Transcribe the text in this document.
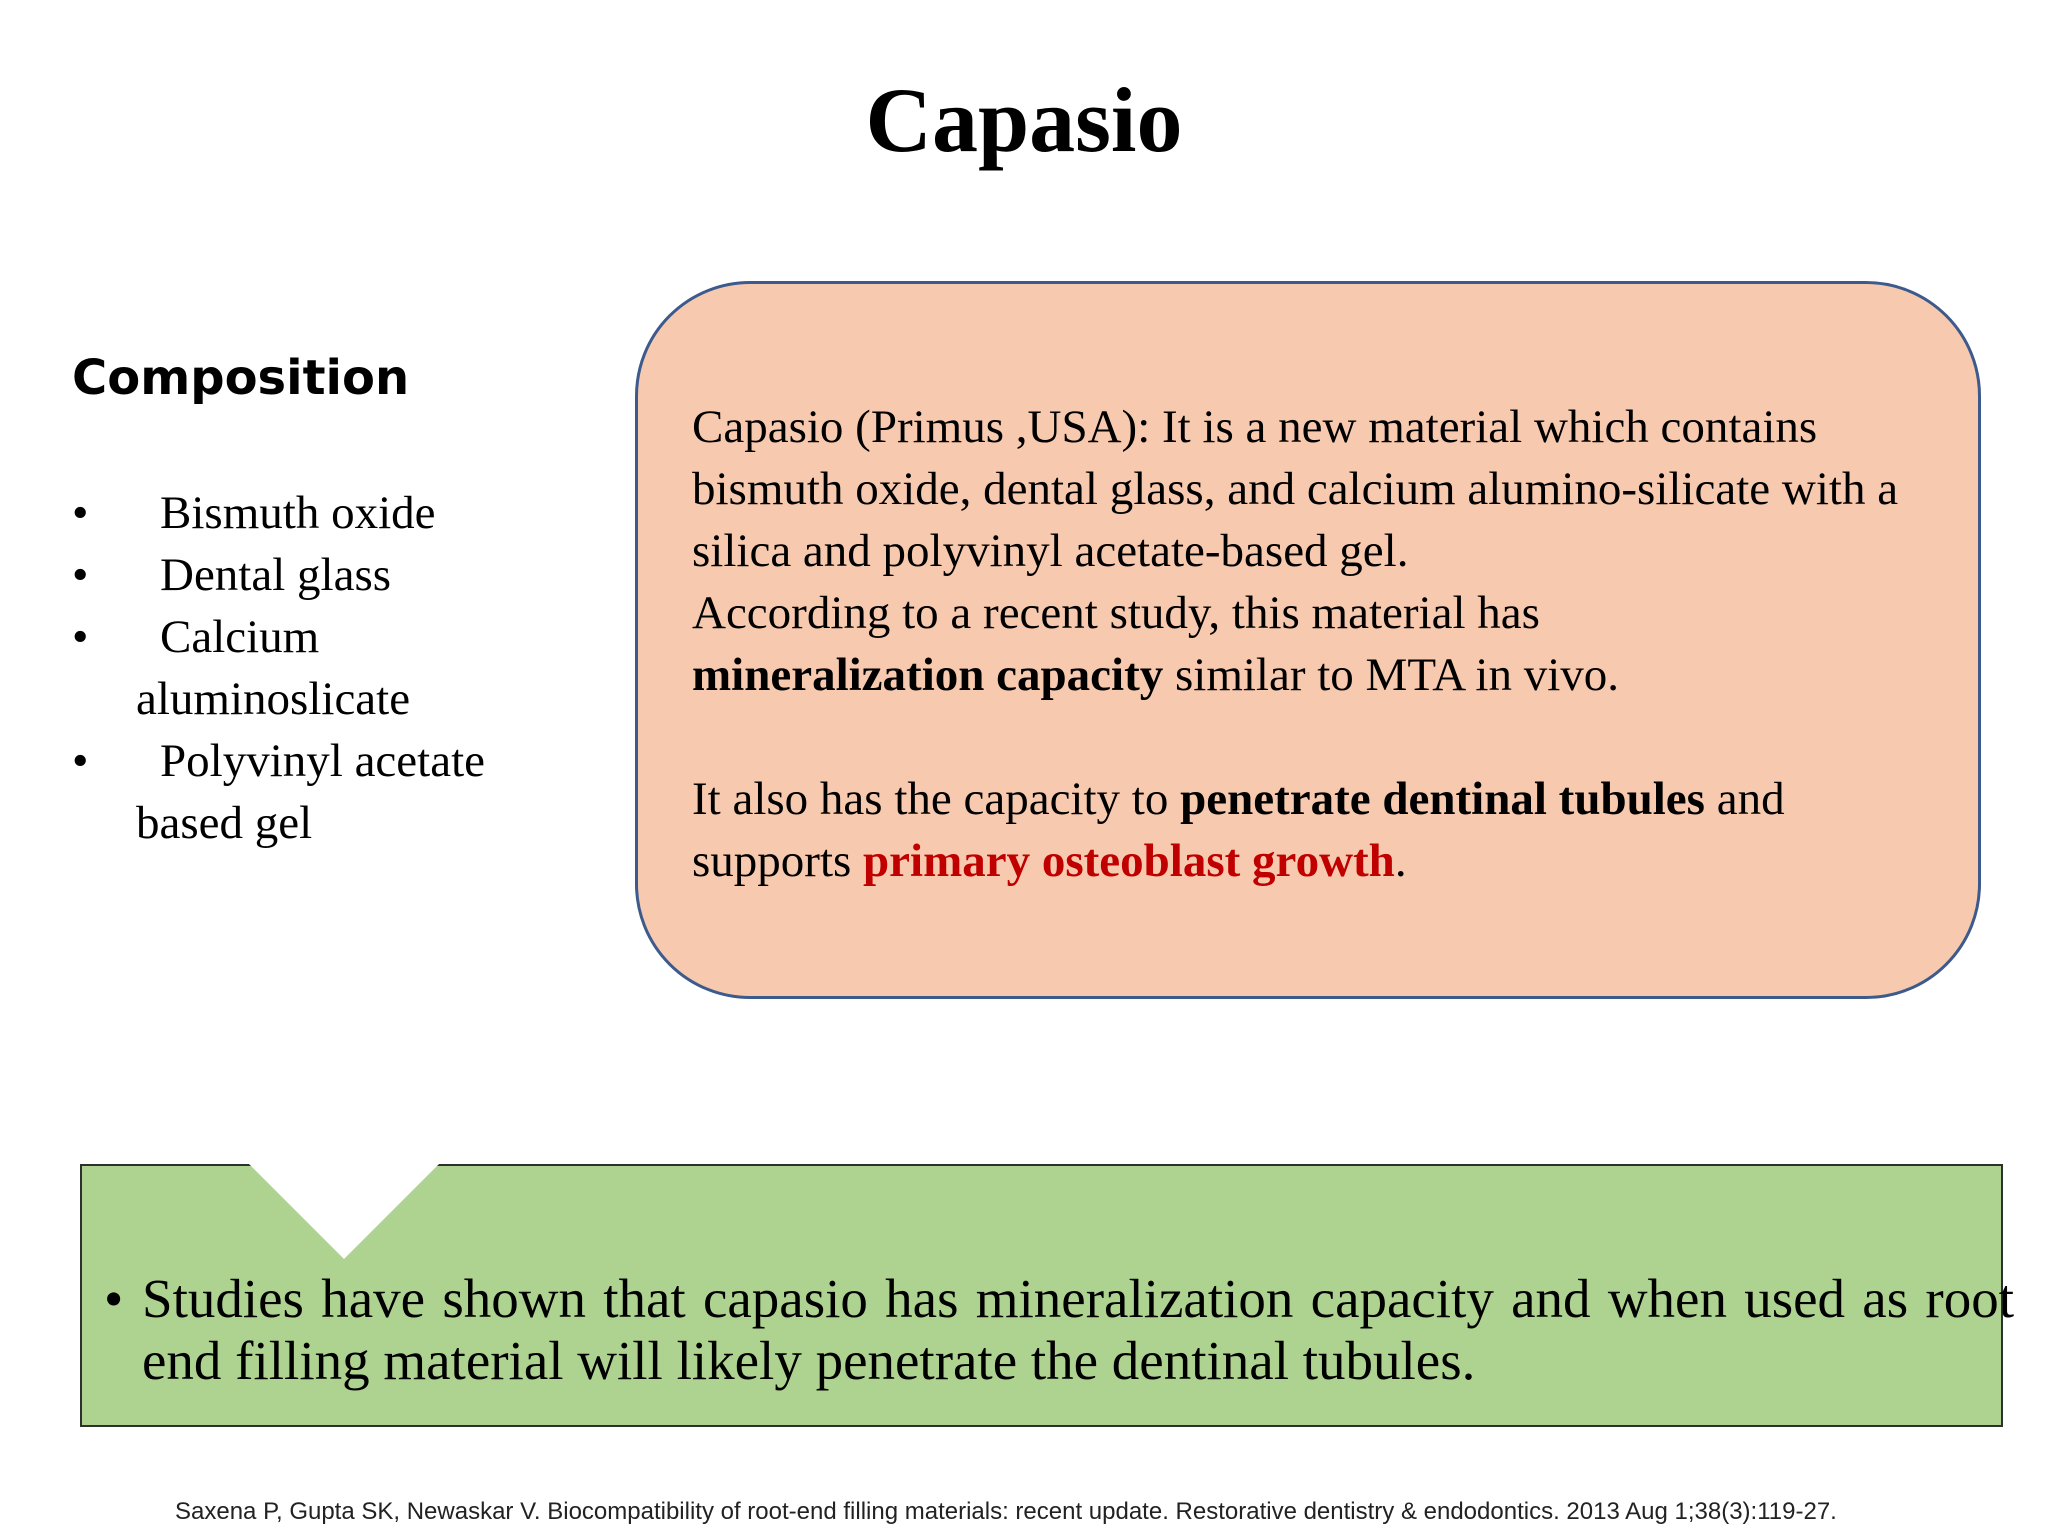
Capasio
Composition
• Bismuth oxide
• Dental glass
• Calcium aluminoslicate
• Polyvinyl acetate based gel

Capasio (Primus ,USA): It is a new material which contains bismuth oxide, dental glass, and calcium alumino-silicate with a silica and polyvinyl acetate-based gel.
According to a recent study, this material has
mineralization capacity similar to MTA in vivo.

It also has the capacity to penetrate dentinal tubules and supports primary osteoblast growth.

• Studies have shown that capasio has mineralization capacity and when used as root end filling material will likely penetrate the dentinal tubules.

Saxena P, Gupta SK, Newaskar V. Biocompatibility of root-end filling materials: recent update. Restorative dentistry & endodontics. 2013 Aug 1;38(3):119-27.
